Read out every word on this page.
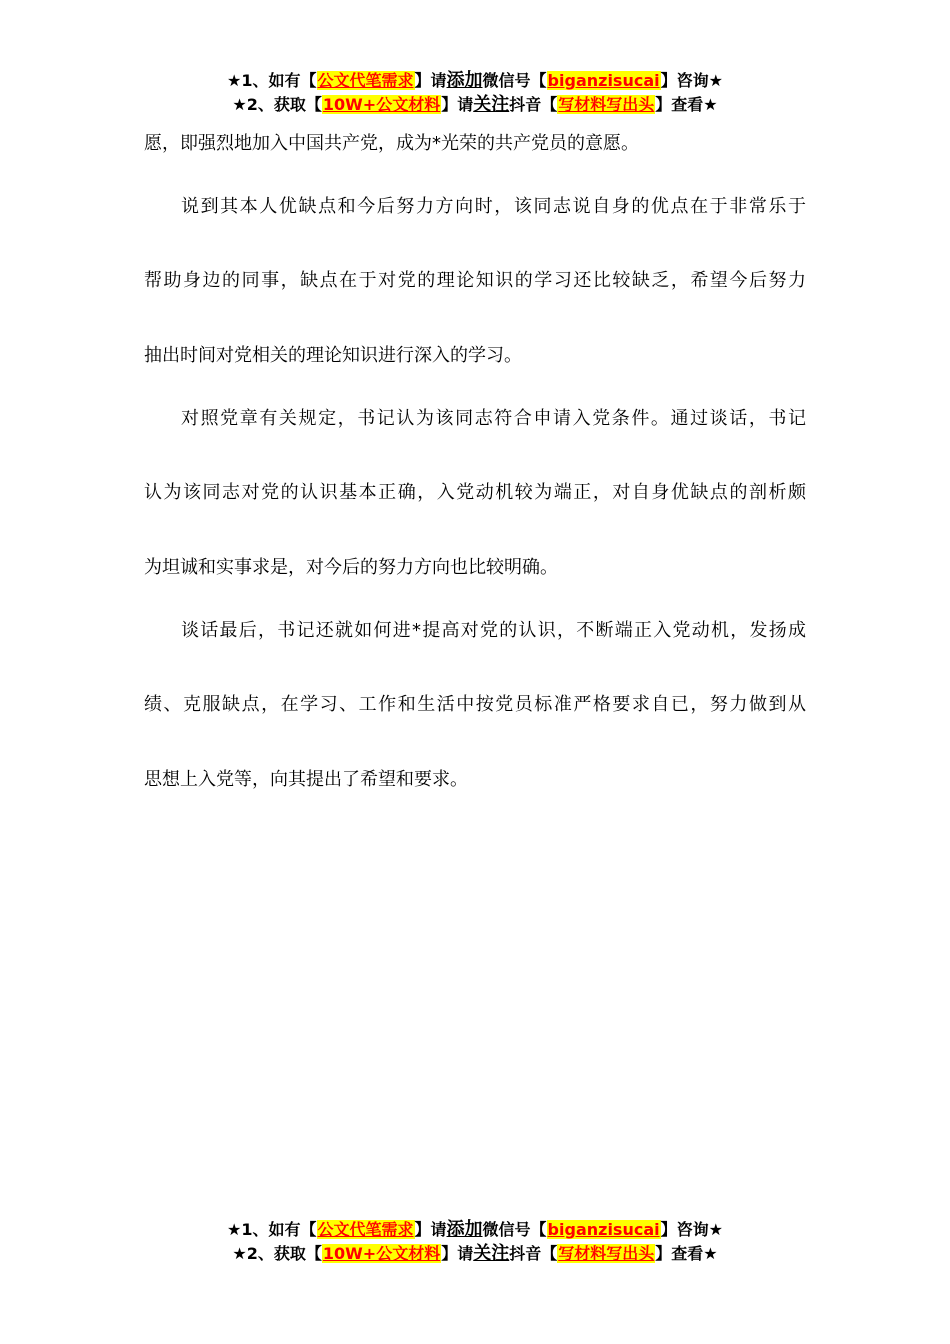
★1、如有【公文代笔需求】请添加微信号【biganzisucai】咨询★
★2、获取【10W+公文材料】请关注抖音【写材料写出头】查看★
愿，即强烈地加入中国共产党，成为*光荣的共产党员的意愿。
说到其本人优缺点和今后努力方向时，该同志说自身的优点在于非常乐于
帮助身边的同事，缺点在于对党的理论知识的学习还比较缺乏，希望今后努力
抽出时间对党相关的理论知识进行深入的学习。
对照党章有关规定，书记认为该同志符合申请入党条件。通过谈话，书记
认为该同志对党的认识基本正确，入党动机较为端正，对自身优缺点的剖析颇
为坦诚和实事求是，对今后的努力方向也比较明确。
谈话最后，书记还就如何进*提高对党的认识，不断端正入党动机，发扬成
绩、克服缺点，在学习、工作和生活中按党员标准严格要求自已，努力做到从
思想上入党等，向其提出了希望和要求。
★1、如有【公文代笔需求】请添加微信号【biganzisucai】咨询★
★2、获取【10W+公文材料】请关注抖音【写材料写出头】查看★
